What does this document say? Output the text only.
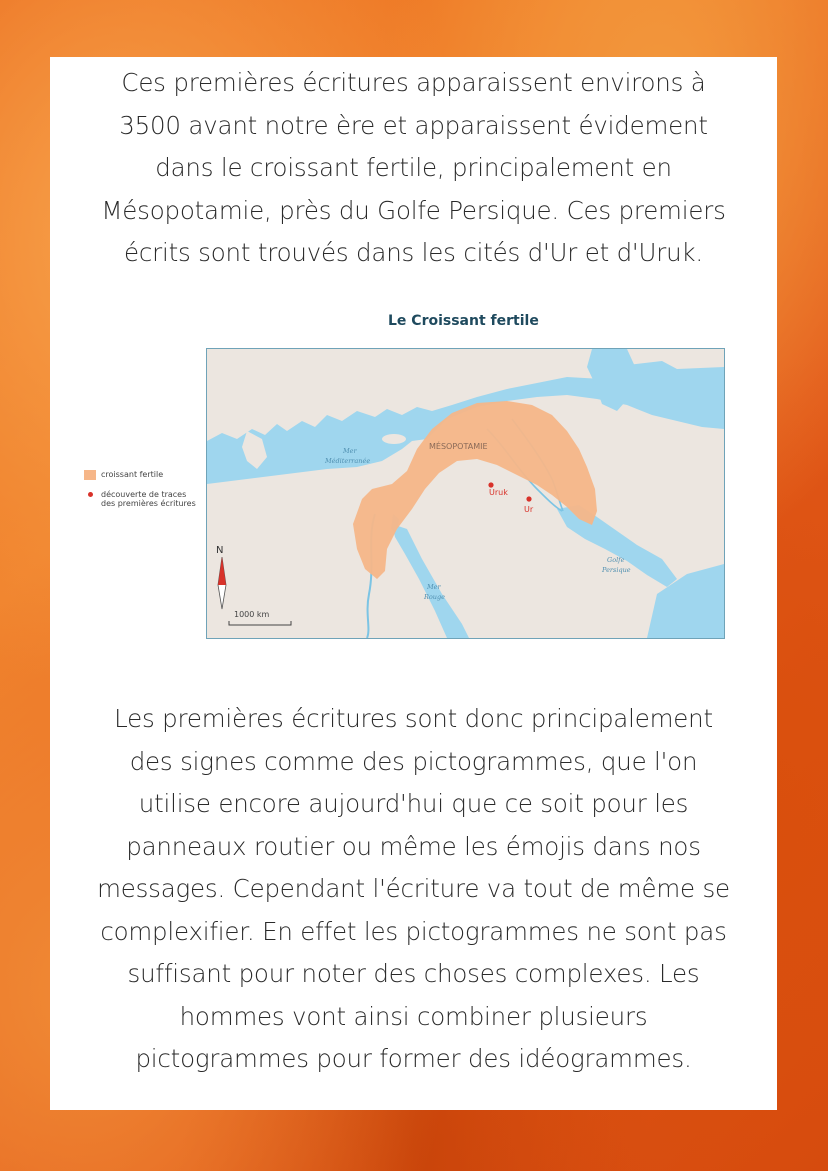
Ces premières écritures apparaissent environs à
3500 avant notre ère et apparaissent évidement
dans le croissant fertile, principalement en
Mésopotamie, près du Golfe Persique. Ces premiers
écrits sont trouvés dans les cités d'Ur et d'Uruk.

Le Croissant fertile
croissant fertile
découverte de traces
des premières écritures
MÉSOPOTAMIE
Mer
Méditerranée
Uruk
Ur
Mer
Rouge
Golfe
Persique
N
1000 km

Les premières écritures sont donc principalement
des signes comme des pictogrammes, que l'on
utilise encore aujourd'hui que ce soit pour les
panneaux routier ou même les émojis dans nos
messages. Cependant l'écriture va tout de même se
complexifier. En effet les pictogrammes ne sont pas
suffisant pour noter des choses complexes. Les
hommes vont ainsi combiner plusieurs
pictogrammes pour former des idéogrammes.
